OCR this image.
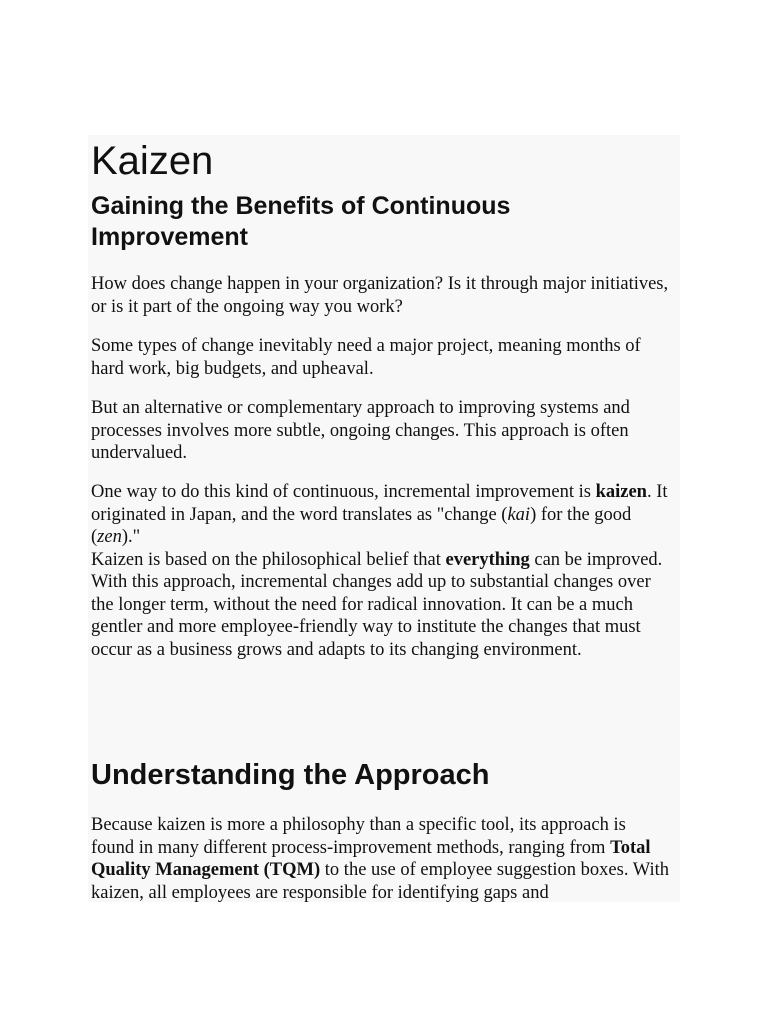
Kaizen
Gaining the Benefits of Continuous Improvement

How does change happen in your organization? Is it through major initiatives, or is it part of the ongoing way you work?

Some types of change inevitably need a major project, meaning months of hard work, big budgets, and upheaval.

But an alternative or complementary approach to improving systems and processes involves more subtle, ongoing changes. This approach is often undervalued.

One way to do this kind of continuous, incremental improvement is kaizen. It originated in Japan, and the word translates as "change (kai) for the good (zen)."
Kaizen is based on the philosophical belief that everything can be improved. With this approach, incremental changes add up to substantial changes over the longer term, without the need for radical innovation. It can be a much gentler and more employee-friendly way to institute the changes that must occur as a business grows and adapts to its changing environment.

Understanding the Approach

Because kaizen is more a philosophy than a specific tool, its approach is found in many different process-improvement methods, ranging from Total Quality Management (TQM) to the use of employee suggestion boxes. With kaizen, all employees are responsible for identifying gaps and
